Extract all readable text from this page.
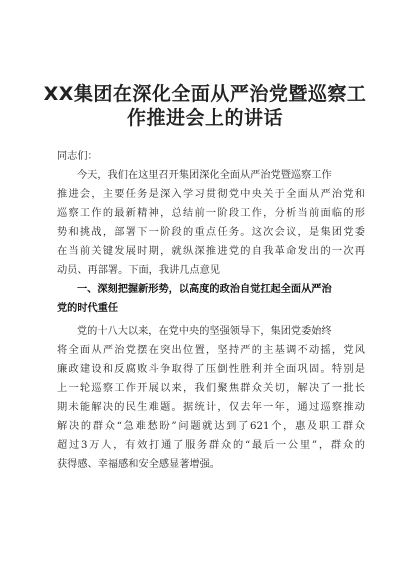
XX集团在深化全面从严治党暨巡察工
作推进会上的讲话

同志们：

今天，我们在这里召开集团深化全面从严治党暨巡察工作

推进会，主要任务是深入学习贯彻党中央关于全面从严治党和

巡察工作的最新精神，总结前一阶段工作，分析当前面临的形

势和挑战，部署下一阶段的重点任务。这次会议，是集团党委

在当前关键发展时期，就纵深推进党的自我革命发出的一次再

动员、再部署。下面，我讲几点意见

一、深刻把握新形势，以高度的政治自觉扛起全面从严治

党的时代重任

党的十八大以来，在党中央的坚强领导下，集团党委始终

将全面从严治党摆在突出位置，坚持严的主基调不动摇，党风

廉政建设和反腐败斗争取得了压倒性胜利并全面巩固。特别是

上一轮巡察工作开展以来，我们聚焦群众关切，解决了一批长

期未能解决的民生难题。据统计，仅去年一年，通过巡察推动

解决的群众“急难愁盼”问题就达到了621个，惠及职工群众

超过3万人，有效打通了服务群众的“最后一公里”，群众的

获得感、幸福感和安全感显著增强。
